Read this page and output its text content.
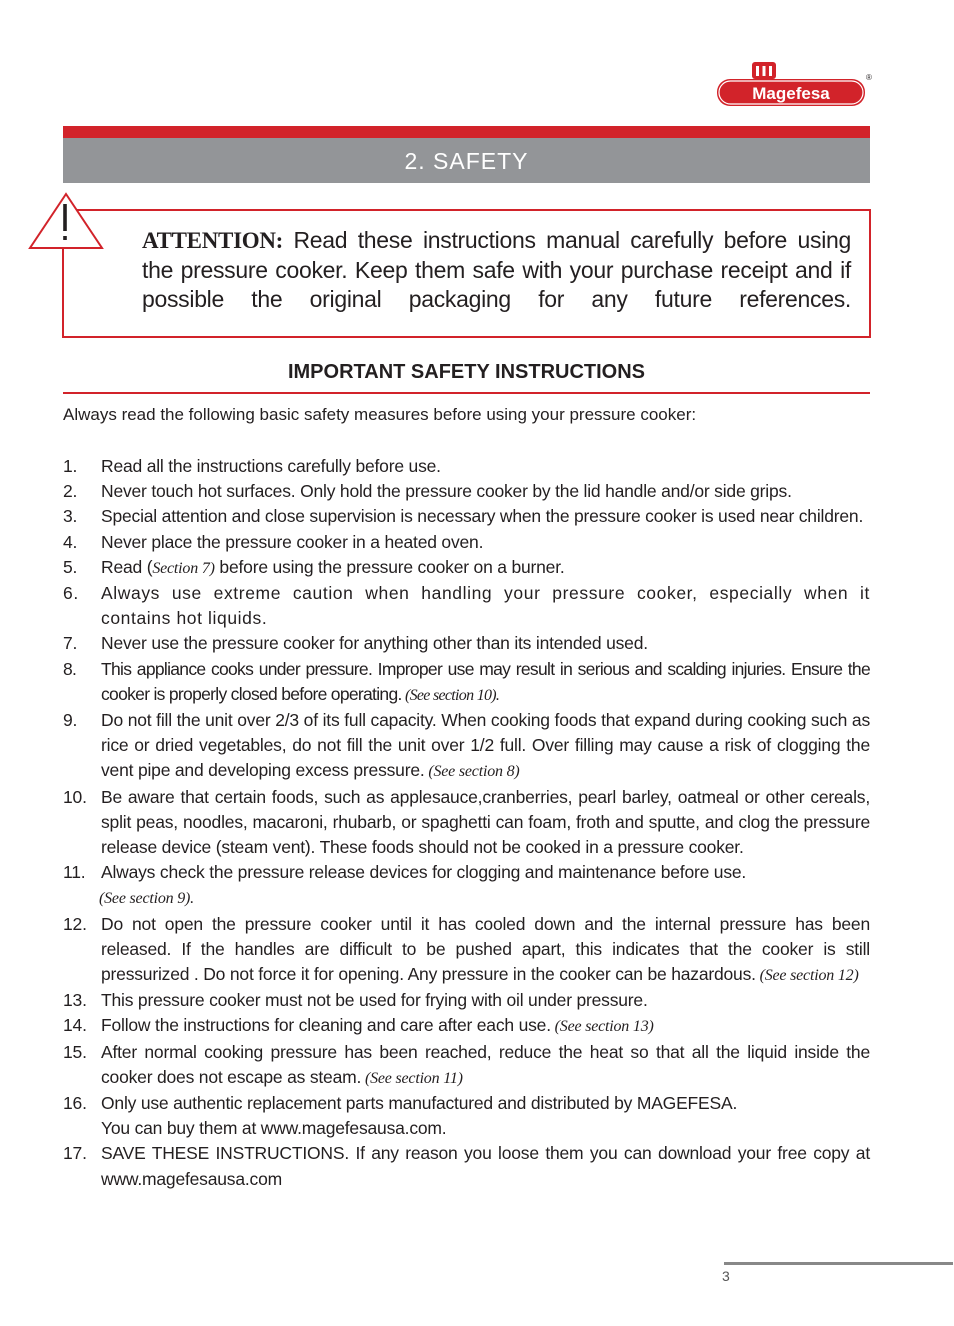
Magefesa
®
2. SAFETY
ATTENTION: Read these instructions manual carefully before using the pressure cooker. Keep them safe with your purchase receipt and if possible the original packaging for any future references.
IMPORTANT SAFETY INSTRUCTIONS
Always read the following basic safety measures before using your pressure cooker:
1. Read all the instructions carefully before use.
2. Never touch hot surfaces. Only hold the pressure cooker by the lid handle and/or side grips.
3. Special attention and close supervision is necessary when the pressure cooker is used near children.
4. Never place the pressure cooker in a heated oven.
5. Read (Section 7) before using the pressure cooker on a burner.
6. Always use extreme caution when handling your pressure cooker, especially when it contains hot liquids.
7. Never use the pressure cooker for anything other than its intended used.
8. This appliance cooks under pressure. Improper use may result in serious and scalding injuries. Ensure the cooker is properly closed before operating. (See section 10).
9. Do not fill the unit over 2/3 of its full capacity. When cooking foods that expand during cooking such as rice or dried vegetables, do not fill the unit over 1/2 full. Over filling may cause a risk of clogging the vent pipe and developing excess pressure. (See section 8)
10. Be aware that certain foods, such as applesauce,cranberries, pearl barley, oatmeal or other cereals, split peas, noodles, macaroni, rhubarb, or spaghetti can foam, froth and sputte, and clog the pressure release device (steam vent). These foods should not be cooked in a pressure cooker.
11. Always check the pressure release devices for clogging and maintenance before use.
(See section 9).
12. Do not open the pressure cooker until it has cooled down and the internal pressure has been released. If the handles are difficult to be pushed apart, this indicates that the cooker is still pressurized . Do not force it for opening. Any pressure in the cooker can be hazardous. (See section 12)
13. This pressure cooker must not be used for frying with oil under pressure.
14. Follow the instructions for cleaning and care after each use. (See section 13)
15. After normal cooking pressure has been reached, reduce the heat so that all the liquid inside the cooker does not escape as steam. (See section 11)
16. Only use authentic replacement parts manufactured and distributed by MAGEFESA.
You can buy them at www.magefesausa.com.
17. SAVE THESE INSTRUCTIONS. If any reason you loose them you can download your free copy at www.magefesausa.com
3
